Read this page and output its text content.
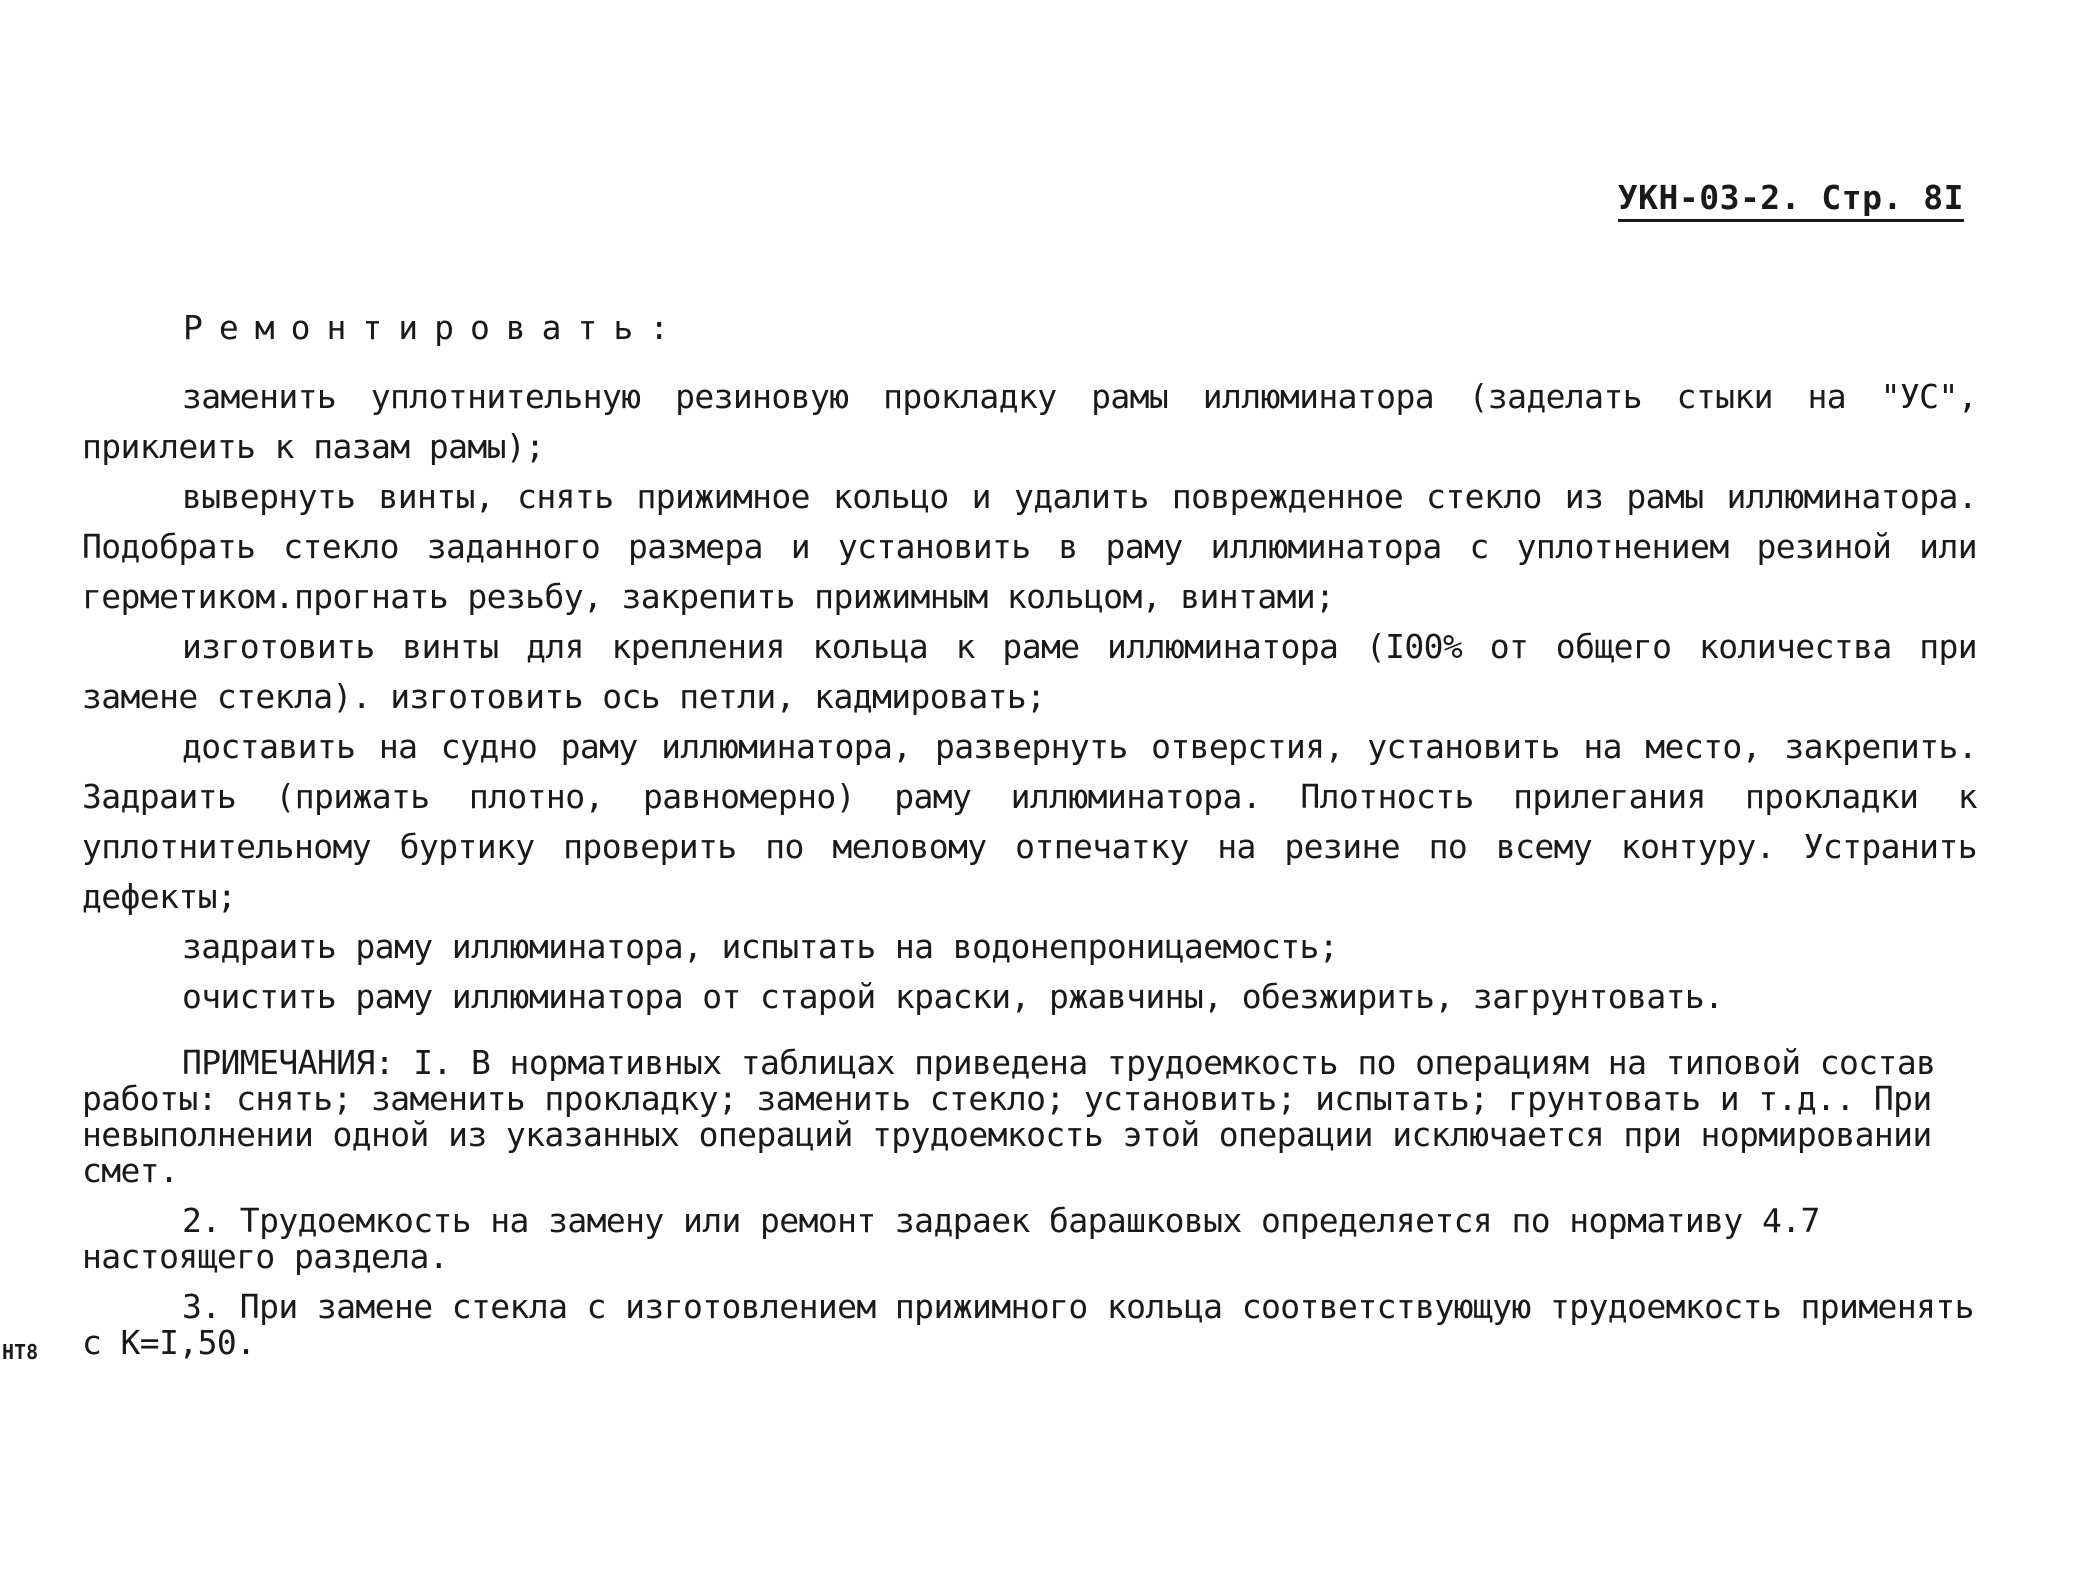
УКН-03-2. Стр. 8I
Ремонтировать:

заменить уплотнительную резиновую прокладку рамы иллюминатора (заделать стыки на "УС", приклеить к пазам рамы);

вывернуть винты, снять прижимное кольцо и удалить поврежденное стекло из рамы иллюминатора. Подобрать стекло заданного размера и установить в раму иллюминатора с уплотнением резиной или герметиком.прогнать резьбу, закрепить прижимным кольцом, винтами;

изготовить винты для крепления кольца к раме иллюминатора (I00% от общего количества при замене стекла). изготовить ось петли, кадмировать;

доставить на судно раму иллюминатора, развернуть отверстия, установить на место, закрепить. Задраить (прижать плотно, равномерно) раму иллюминатора. Плотность прилегания прокладки к уплотнительному буртику проверить по меловому отпечатку на резине по всему контуру. Устранить дефекты;

задраить раму иллюминатора, испытать на водонепроницаемость;

очистить раму иллюминатора от старой краски, ржавчины, обезжирить, загрунтовать.

ПРИМЕЧАНИЯ: I. В нормативных таблицах приведена трудоемкость по операциям на типовой состав работы: снять; заменить прокладку; заменить стекло; установить; испытать; грунтовать и т.д.. При невыполнении одной из указанных операций трудоемкость этой операции исключается при нормировании смет.

2. Трудоемкость на замену или ремонт задраек барашковых определяется по нормативу 4.7 настоящего раздела.

3. При замене стекла с изготовлением прижимного кольца соответствующую трудоемкость применять с К=I,50.

НТ8
